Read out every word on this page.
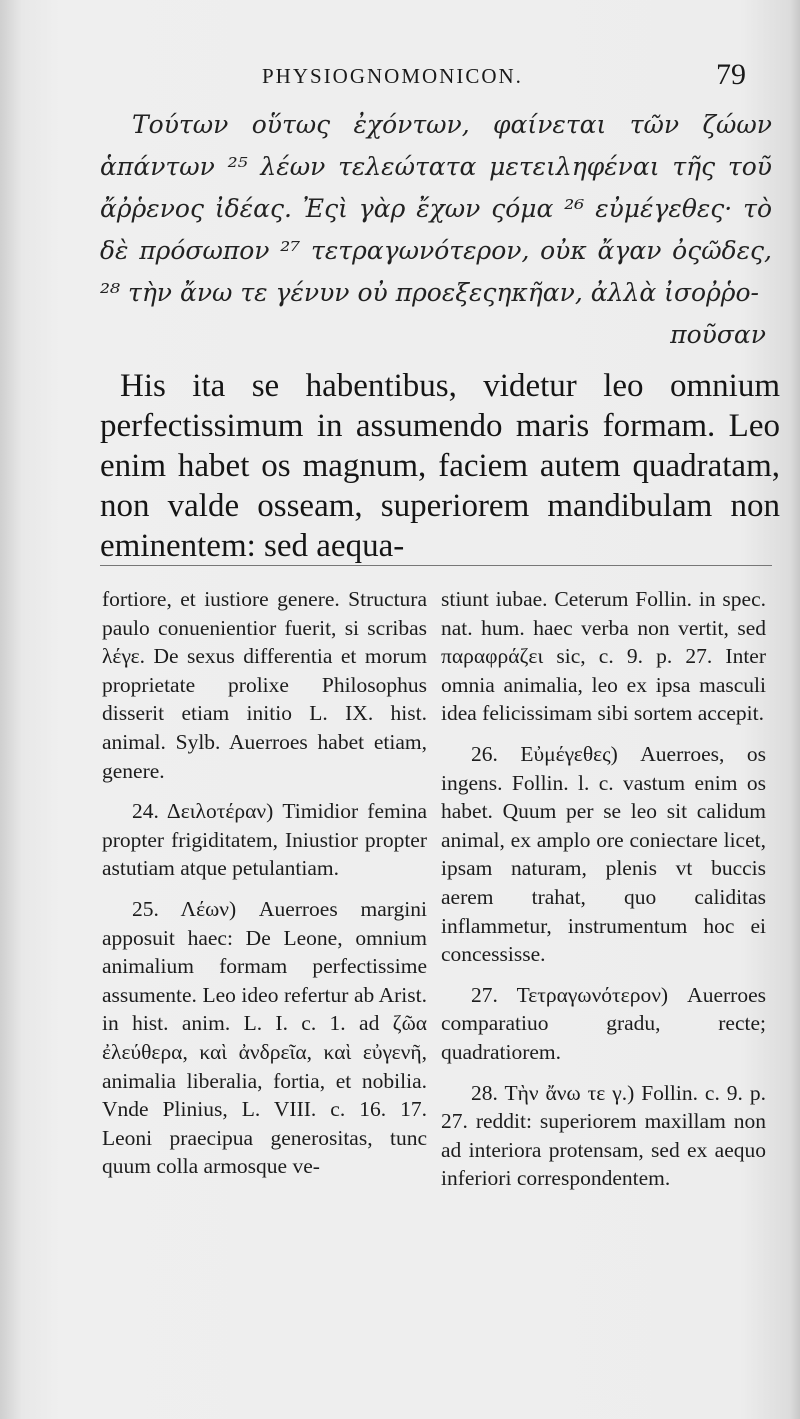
PHYSIOGNOMONICON.	79

Τούτων οὕτως ἐχόντων, φαίνεται τῶν ζώων ἁπάντων ²⁵ λέων τελεώτατα μετειληφέναι τῆς τοῦ ἄῤῥενος ἰδέας. Ἐςὶ γὰρ ἔχων ςόμα ²⁶ εὐμέγεθες· τὸ δὲ πρόσωπον ²⁷ τετραγωνότερον, οὐκ ἄγαν ὀςῶδες, ²⁸ τὴν ἄνω τε γένυν οὐ προεξεςηκῆαν, ἀλλὰ ἰσοῤῥο-

ποῦσαν

His ita se habentibus, videtur leo omnium perfectissimum in assumendo maris formam. Leo enim habet os magnum, faciem autem quadratam, non valde osseam, superiorem mandibulam non eminentem: sed aequa-

fortiore, et iustiore genere. Structura paulo conuenientior fuerit, si scribas λέγε. De sexus differentia et morum proprietate prolixe Philosophus disserit etiam initio L. IX. hist. animal. Sylb. Auerroes habet etiam, genere.

24. Δειλοτέραν) Timidior femina propter frigiditatem, Iniustior propter astutiam atque petulantiam.

25. Λέων) Auerroes margini apposuit haec: De Leone, omnium animalium formam perfectissime assumente. Leo ideo refertur ab Arist. in hist. anim. L. I. c. 1. ad ζῶα ἐλεύθερα, καὶ ἀνδρεῖα, καὶ εὐγενῆ, animalia liberalia, fortia, et nobilia. Vnde Plinius, L. VIII. c. 16. 17. Leoni praecipua generositas, tunc quum colla armosque ve-

stiunt iubae. Ceterum Follin. in spec. nat. hum. haec verba non vertit, sed παραφράζει sic, c. 9. p. 27. Inter omnia animalia, leo ex ipsa masculi idea felicissimam sibi sortem accepit.

26. Εὐμέγεθες) Auerroes, os ingens. Follin. l. c. vastum enim os habet. Quum per se leo sit calidum animal, ex amplo ore coniectare licet, ipsam naturam, plenis vt buccis aerem trahat, quo caliditas inflammetur, instrumentum hoc ei concessisse.

27. Τετραγωνότερον) Auerroes comparatiuo gradu, recte; quadratiorem.

28. Τὴν ἄνω τε γ.) Follin. c. 9. p. 27. reddit: superiorem maxillam non ad interiora protensam, sed ex aequo inferiori correspondentem.
